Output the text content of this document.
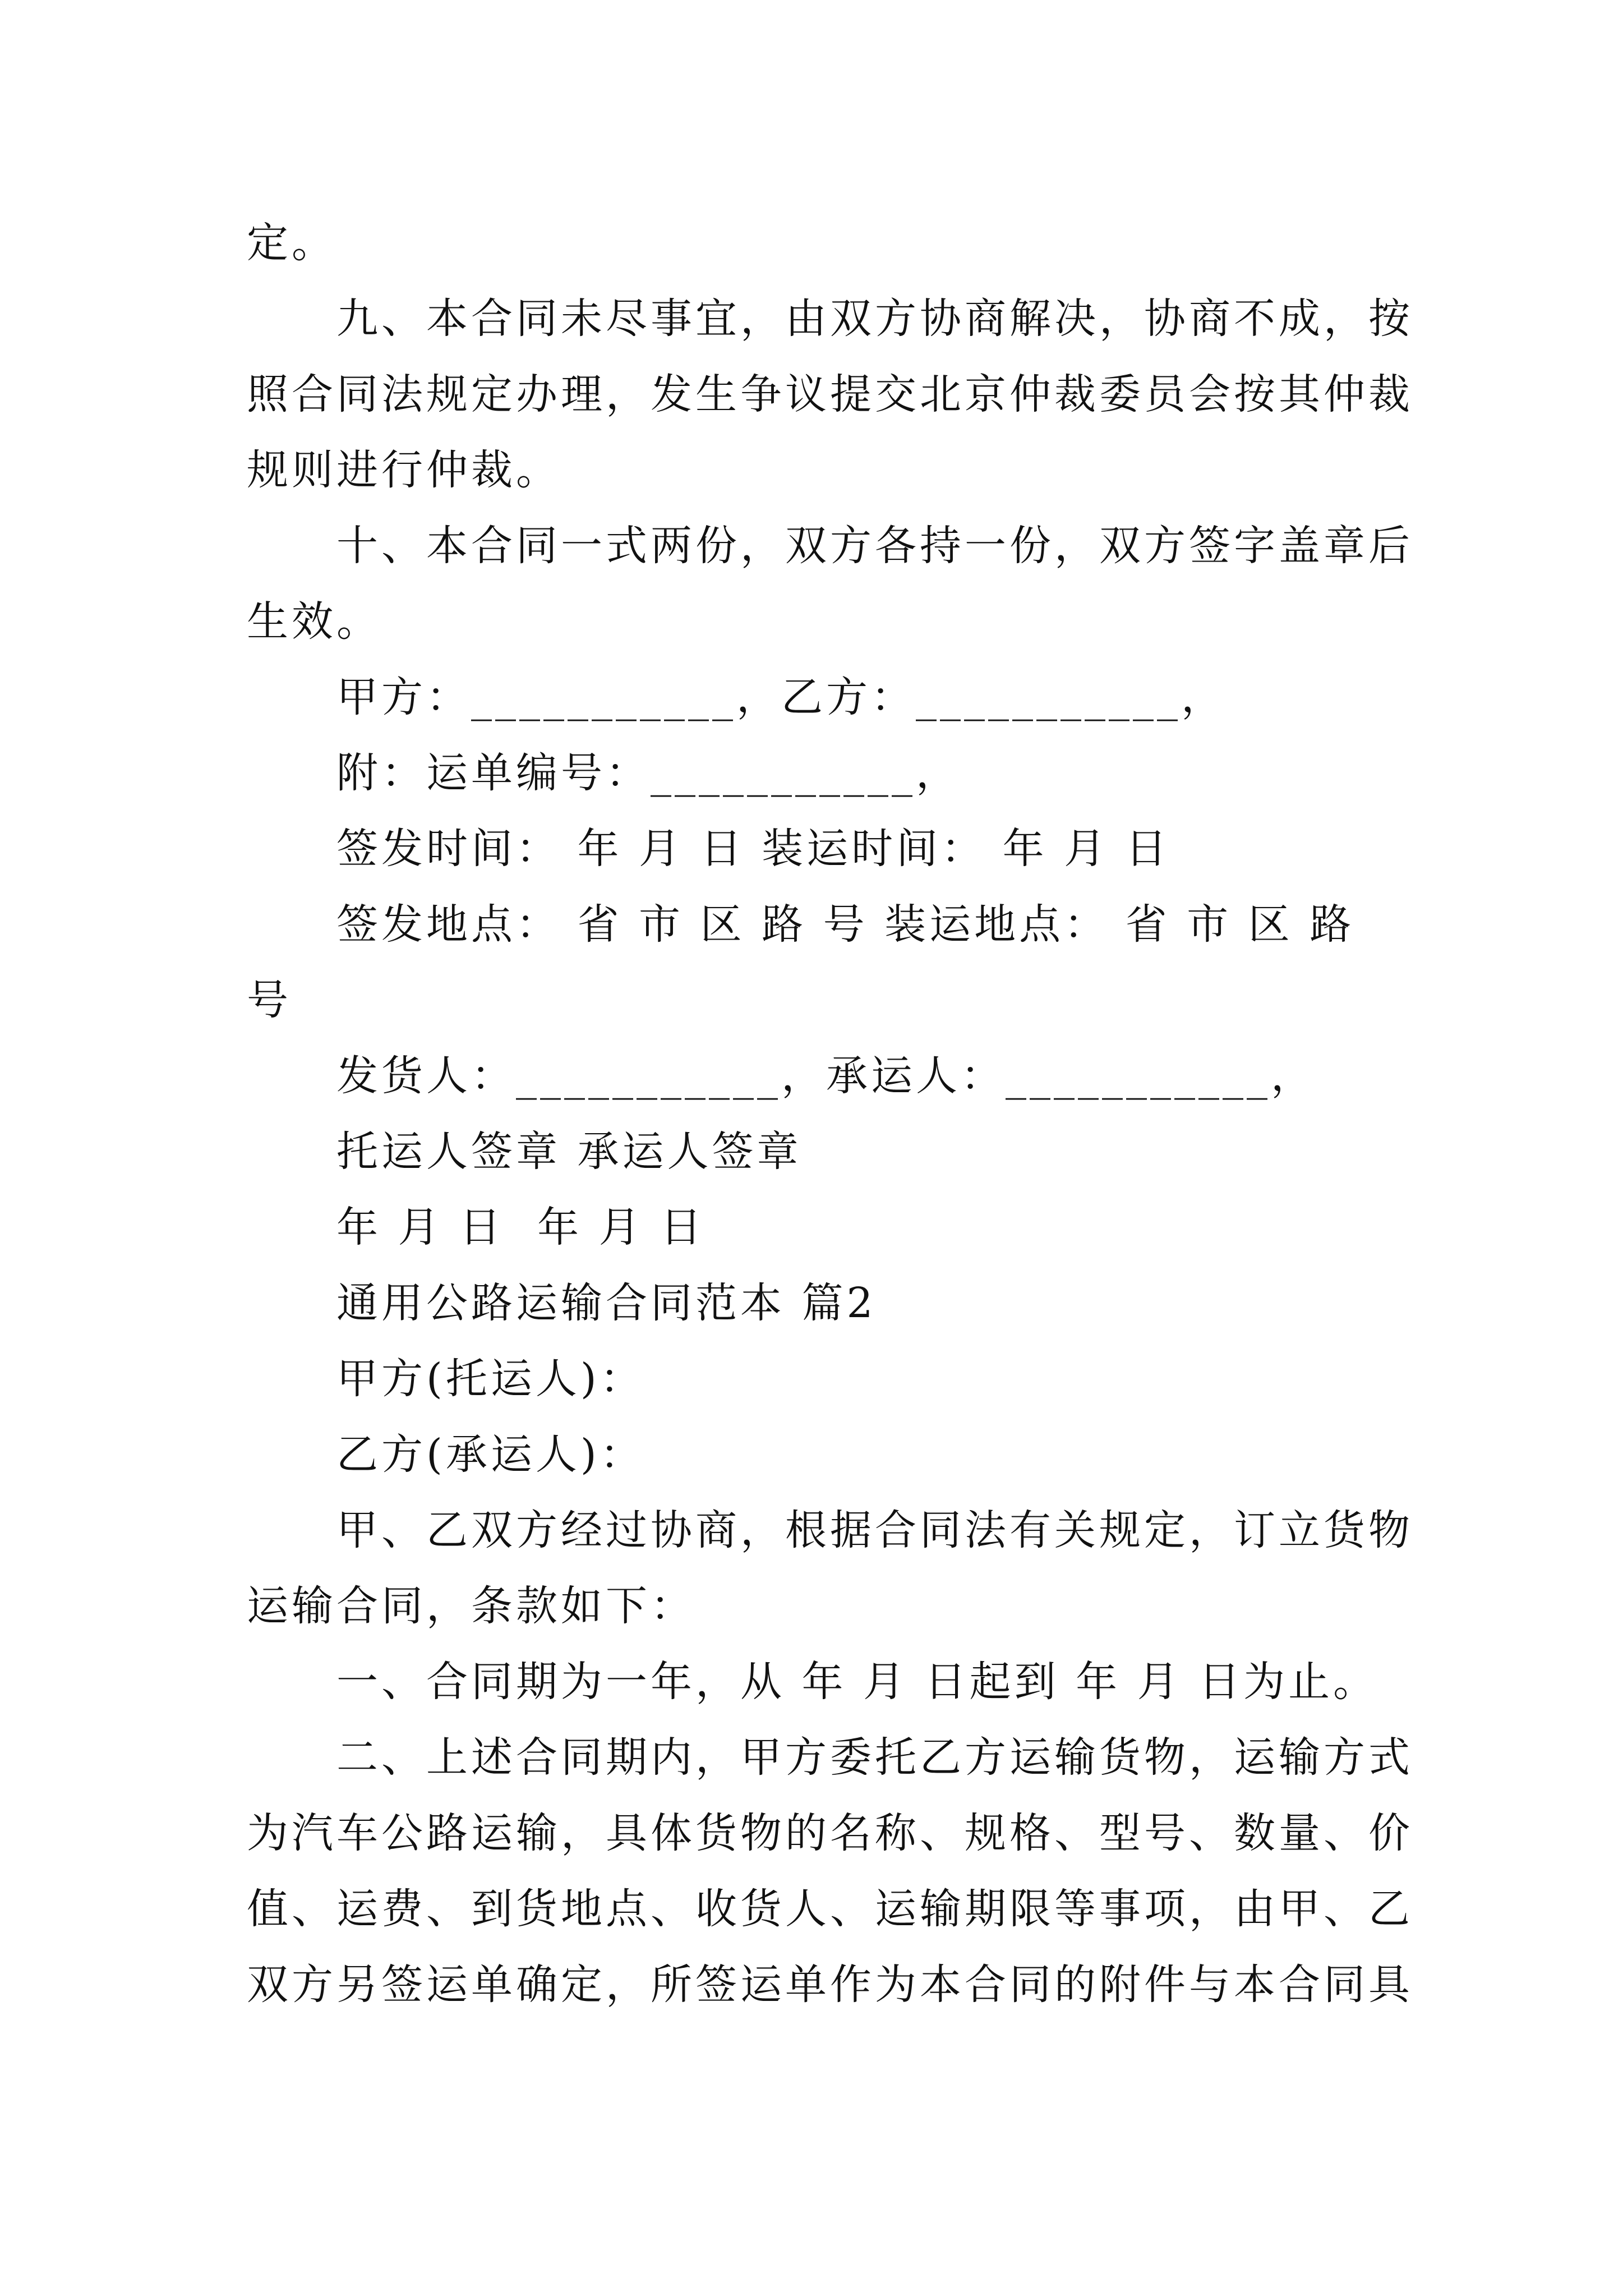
定。
九、本合同未尽事宜，由双方协商解决，协商不成，按
照合同法规定办理，发生争议提交北京仲裁委员会按其仲裁
规则进行仲裁。
十、本合同一式两份，双方各持一份，双方签字盖章后
生效。
甲方：___________，乙方：___________，
附：运单编号：___________，
签发时间： 年 月 日 装运时间： 年 月 日
签发地点： 省 市 区 路 号 装运地点： 省 市 区 路
号
发货人：___________，承运人：___________，
托运人签章 承运人签章
年 月 日  年 月 日
通用公路运输合同范本 篇2
甲方(托运人)：
乙方(承运人)：
甲、乙双方经过协商，根据合同法有关规定，订立货物
运输合同，条款如下：
一、合同期为一年，从 年 月 日起到 年 月 日为止。
二、上述合同期内，甲方委托乙方运输货物，运输方式
为汽车公路运输，具体货物的名称、规格、型号、数量、价
值、运费、到货地点、收货人、运输期限等事项，由甲、乙
双方另签运单确定，所签运单作为本合同的附件与本合同具
